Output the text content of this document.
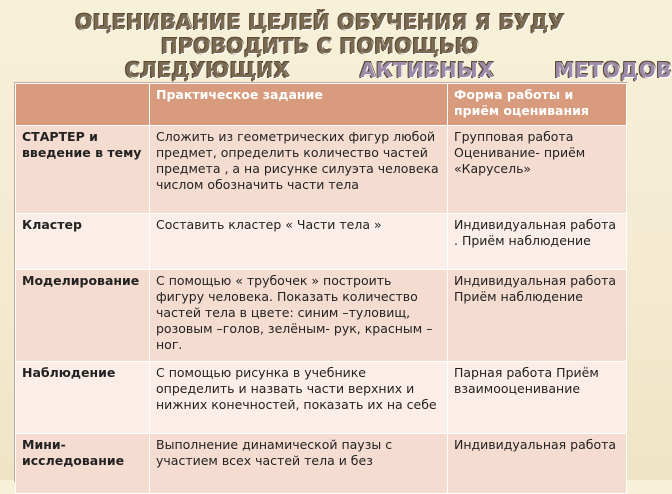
ОЦЕНИВАНИЕ ЦЕЛЕЙ ОБУЧЕНИЯ Я БУДУ ПРОВОДИТЬ С ПОМОЩЬЮ
СЛЕДУЮЩИХ	АКТИВНЫХ	МЕТОДОВ
	Практическое задание	Форма работы и приём оценивания
СТАРТЕР и введение в тему	Сложить из геометрических фигур любой предмет, определить количество частей предмета , а на рисунке силуэта человека числом обозначить части тела	Групповая работа Оценивание- приём «Карусель»
Кластер	Составить кластер « Части тела »	Индивидуальная работа . Приём наблюдение
Моделирование	С помощью « трубочек » построить фигуру человека. Показать количество частей тела в цвете: синим –туловищ, розовым –голов, зелёным- рук, красным –ног.	Индивидуальная работа Приём наблюдение
Наблюдение	С помощью рисунка в учебнике определить и назвать части верхних и нижних конечностей, показать их на себе	Парная работа Приём взаимооценивание
Мини-исследование	Выполнение динамической паузы с участием всех частей тела и без	Индивидуальная работа
